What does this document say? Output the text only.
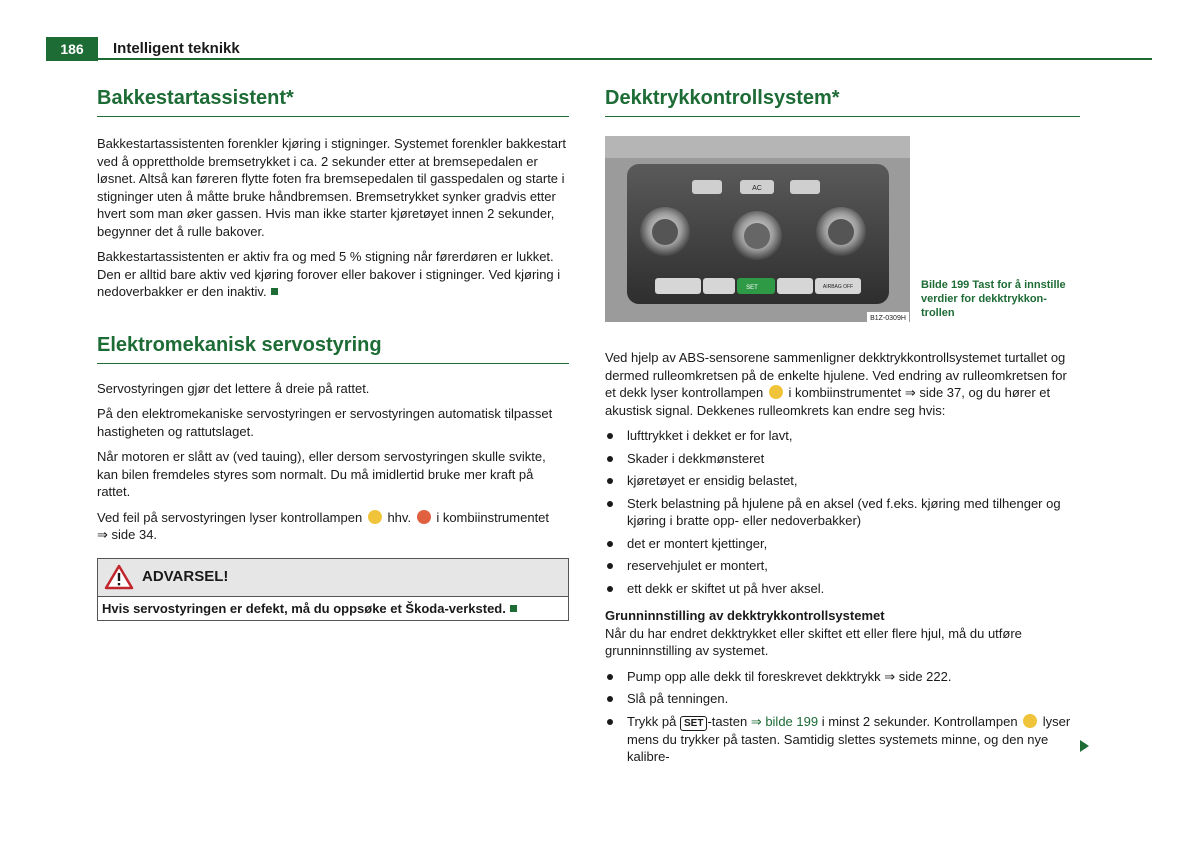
186	Intelligent teknikk
Bakkestartassistent*

Bakkestartassistenten forenkler kjøring i stigninger. Systemet forenkler bakkestart ved å opprettholde bremsetrykket i ca. 2 sekunder etter at bremsepedalen er løsnet. Altså kan føreren flytte foten fra bremsepedalen til gasspedalen og starte i stigninger uten å måtte bruke håndbremsen. Bremsetrykket synker gradvis etter hvert som man øker gassen. Hvis man ikke starter kjøretøyet innen 2 sekunder, begynner det å rulle bakover.

Bakkestartassistenten er aktiv fra og med 5 % stigning når førerdøren er lukket. Den er alltid bare aktiv ved kjøring forover eller bakover i stigninger. Ved kjøring i nedoverbakker er den inaktiv.

Elektromekanisk servostyring

Servostyringen gjør det lettere å dreie på rattet.

På den elektromekaniske servostyringen er servostyringen automatisk tilpasset hastigheten og rattutslaget.

Når motoren er slått av (ved tauing), eller dersom servostyringen skulle svikte, kan bilen fremdeles styres som normalt. Du må imidlertid bruke mer kraft på rattet.

Ved feil på servostyringen lyser kontrollampen hhv. i kombiinstrumentet
⇒ side 34.

ADVARSEL!
Hvis servostyringen er defekt, må du oppsøke et Škoda-verksted.
Dekktrykkontrollsystem*
AC
SET	AIRBAG OFF
B1Z-0309H
Bilde 199 Tast for å innstille verdier for dekktrykkontrollen

Ved hjelp av ABS-sensorene sammenligner dekktrykkontrollsystemet turtallet og dermed rulleomkretsen på de enkelte hjulene. Ved endring av rulleomkretsen for et dekk lyser kontrollampen i kombiinstrumentet ⇒ side 37, og du hører et akustisk signal. Dekkenes rulleomkrets kan endre seg hvis:

lufttrykket i dekket er for lavt,
Skader i dekkmønsteret
kjøretøyet er ensidig belastet,
Sterk belastning på hjulene på en aksel (ved f.eks. kjøring med tilhenger og kjøring i bratte opp- eller nedoverbakker)
det er montert kjettinger,
reservehjulet er montert,
ett dekk er skiftet ut på hver aksel.
Grunninnstilling av dekktrykkontrollsystemet

Når du har endret dekktrykket eller skiftet ett eller flere hjul, må du utføre grunninnstilling av systemet.

Pump opp alle dekk til foreskrevet dekktrykk ⇒ side 222.
Slå på tenningen.
Trykk på SET -tasten ⇒ bilde 199 i minst 2 sekunder. Kontrollampen lyser mens du trykker på tasten. Samtidig slettes systemets minne, og den nye kalibre-
